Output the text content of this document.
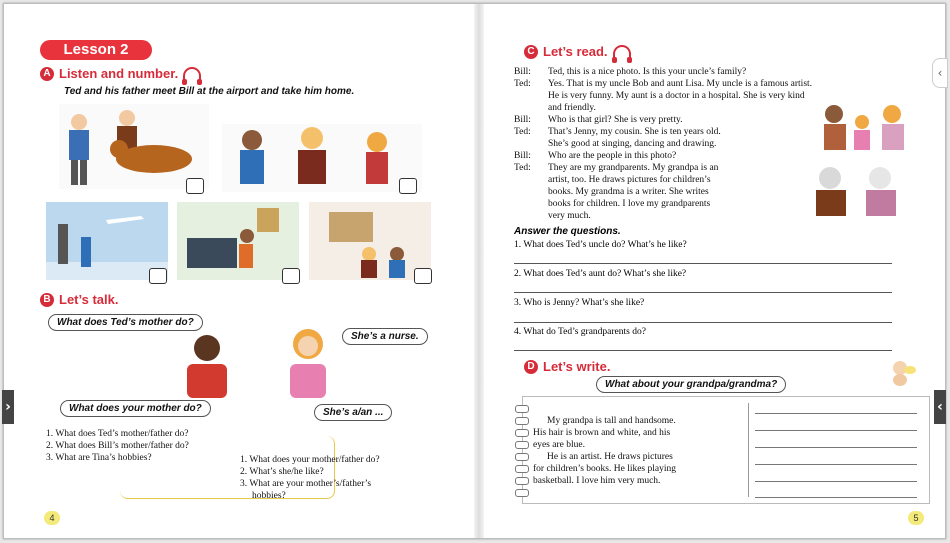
Lesson 2
A Listen and number.
Ted and his father meet Bill at the airport and take him home.
B Let’s talk.
What does Ted’s mother do?
She’s a nurse.
What does your mother do?	She’s a/an ...
1. What does Ted’s mother/father do?
2. What does Bill’s mother/father do?
3. What are Tina’s hobbies?	1. What does your mother/father do?
2. What’s she/he like?
3. What are your mother’s/father’s
hobbies?
4
C Let’s read.
Bill:	Ted, this is a nice photo. Is this your uncle’s family?
Ted:	Yes. That is my uncle Bob and aunt Lisa. My uncle is a famous artist.
He is very funny. My aunt is a doctor in a hospital. She is very kind
and friendly.
Bill:	Who is that girl? She is very pretty.
Ted:	That’s Jenny, my cousin. She is ten years old.
She’s good at singing, dancing and drawing.
Bill:	Who are the people in this photo?
Ted:	They are my grandparents. My grandpa is an
artist, too. He draws pictures for children’s
books. My grandma is a writer. She writes
books for children. I love my grandparents
very much.
Answer the questions.
1. What does Ted’s uncle do? What’s he like?
2. What does Ted’s aunt do? What’s she like?
3. Who is Jenny? What’s she like?
4. What do Ted’s grandparents do?
D Let’s write.
What about your grandpa/grandma?
My grandpa is tall and handsome.
His hair is brown and white, and his
eyes are blue.
He is an artist. He draws pictures
for children’s books. He likes playing
basketball. I love him very much.
5
›	‹
‹
